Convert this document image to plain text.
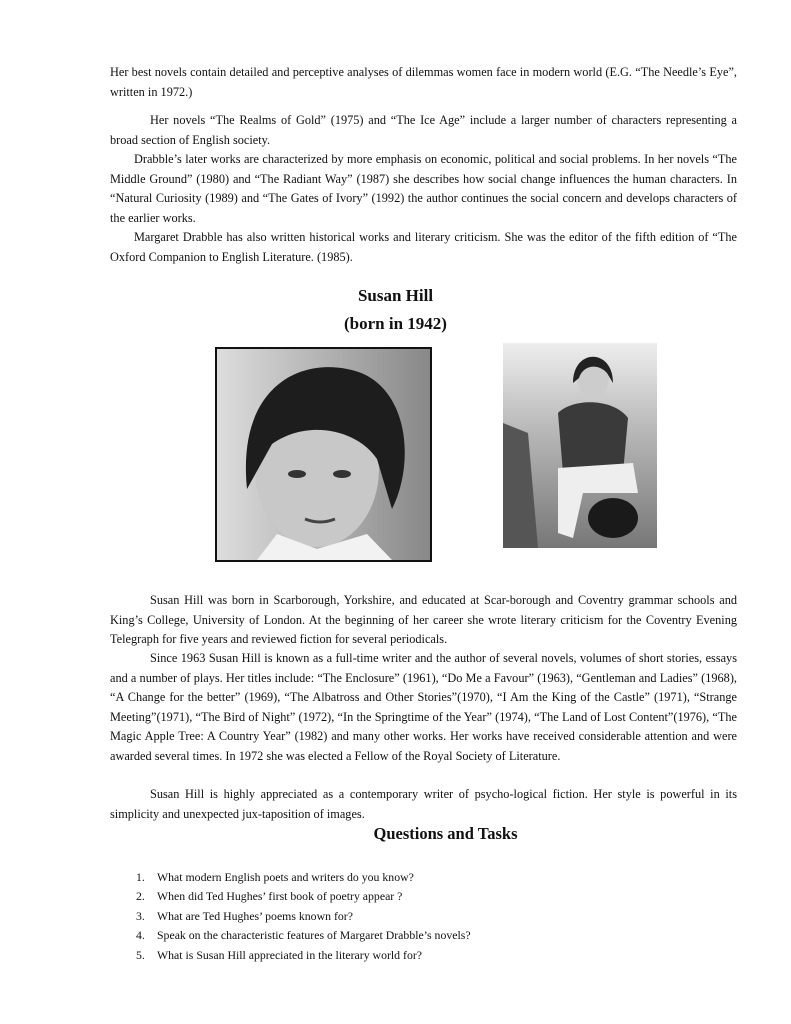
Her best novels contain detailed and perceptive analyses of dilemmas women face in modern world (E.G. “The Needle’s Eye”, written in 1972.)

Her novels “The Realms of Gold” (1975) and “The Ice Age” include a larger number of characters representing a broad section of English society.

Drabble’s later works are characterized by more emphasis on economic, political and social problems. In her novels “The Middle Ground” (1980) and “The Radiant Way” (1987) she describes how social change influences the human characters. In “Natural Curiosity (1989) and “The Gates of Ivory” (1992) the author continues the social concern and develops characters of the earlier works.

Margaret Drabble has also written historical works and literary criticism. She was the editor of the fifth edition of “The Oxford Companion to English Literature. (1985).

Susan Hill
(born in 1942)

Susan Hill was born in Scarborough, Yorkshire, and educated at Scar-borough and Coventry grammar schools and King’s College, University of London. At the beginning of her career she wrote literary criticism for the Coventry Evening Telegraph for five years and reviewed fiction for several periodicals.

Since 1963 Susan Hill is known as a full-time writer and the author of several novels, volumes of short stories, essays and a number of plays. Her titles include: “The Enclosure” (1961), “Do Me a Favour” (1963), “Gentleman and Ladies” (1968), “A Change for the better” (1969), “The Albatross and Other Stories”(1970), “I Am the King of the Castle” (1971), “Strange Meeting”(1971), “The Bird of Night” (1972), “In the Springtime of the Year” (1974), “The Land of Lost Content”(1976), “The Magic Apple Tree: A Country Year” (1982) and many other works. Her works have received considerable attention and were awarded several times. In 1972 she was elected a Fellow of the Royal Society of Literature.

Susan Hill is highly appreciated as a contemporary writer of psycho-logical fiction. Her style is powerful in its simplicity and unexpected jux-taposition of images.

Questions and Tasks
1. What modern English poets and writers do you know?
2. When did Ted Hughes’ first book of poetry appear ?
3. What are Ted Hughes’ poems known for?
4. Speak on the characteristic features of Margaret Drabble’s novels?
5. What is Susan Hill appreciated in the literary world for?
